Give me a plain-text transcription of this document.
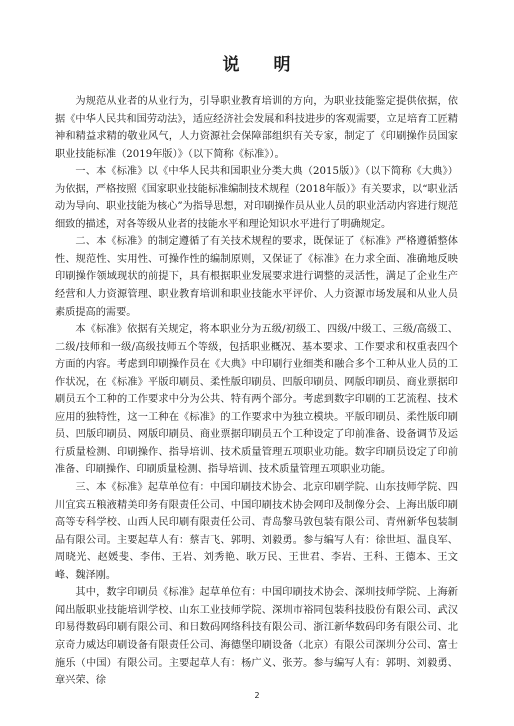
说 明

为规范从业者的从业行为，引导职业教育培训的方向，为职业技能鉴定提供依据，依据《中华人民共和国劳动法》，适应经济社会发展和科技进步的客观需要，立足培育工匠精神和精益求精的敬业风气，人力资源社会保障部组织有关专家，制定了《印刷操作员国家职业技能标准（2019年版）》（以下简称《标准》）。

一、本《标准》以《中华人民共和国职业分类大典（2015版）》（以下简称《大典》）为依据，严格按照《国家职业技能标准编制技术规程（2018年版）》有关要求，以“职业活动为导向、职业技能为核心”为指导思想，对印刷操作员从业人员的职业活动内容进行规范细致的描述，对各等级从业者的技能水平和理论知识水平进行了明确规定。

二、本《标准》的制定遵循了有关技术规程的要求，既保证了《标准》严格遵循整体性、规范性、实用性、可操作性的编制原则，又保证了《标准》在力求全面、准确地反映印刷操作领域现状的前提下，具有根据职业发展要求进行调整的灵活性，满足了企业生产经营和人力资源管理、职业教育培训和职业技能水平评价、人力资源市场发展和从业人员素质提高的需要。

本《标准》依据有关规定，将本职业分为五级/初级工、四级/中级工、三级/高级工、二级/技师和一级/高级技师五个等级，包括职业概况、基本要求、工作要求和权重表四个方面的内容。考虑到印刷操作员在《大典》中印刷行业细类和融合多个工种从业人员的工作状况，在《标准》平版印刷员、柔性版印刷员、凹版印刷员、网版印刷员、商业票据印刷员五个工种的工作要求中分为公共、特有两个部分。考虑到数字印刷的工艺流程、技术应用的独特性，这一工种在《标准》的工作要求中为独立模块。平版印刷员、柔性版印刷员、凹版印刷员、网版印刷员、商业票据印刷员五个工种设定了印前准备、设备调节及运行质量检测、印刷操作、指导培训、技术质量管理五项职业功能。数字印刷员设定了印前准备、印刷操作、印刷质量检测、指导培训、技术质量管理五项职业功能。

三、本《标准》起草单位有：中国印刷技术协会、北京印刷学院、山东技师学院、四川宜宾五粮液精美印务有限责任公司、中国印刷技术协会网印及制像分会、上海出版印刷高等专科学校、山西人民印刷有限责任公司、青岛黎马敦包装有限公司、青州新华包装制品有限公司。主要起草人有：蔡吉飞、郭明、刘毅勇。参与编写人有：徐世垣、温良军、周晓光、赵媛斐、李伟、王岩、刘秀艳、耿万民、王世君、李岩、王科、王德本、王文峰、魏泽刚。

其中，数字印刷员《标准》起草单位有：中国印刷技术协会、深圳技师学院、上海新闻出版职业技能培训学校、山东工业技师学院、深圳市裕同包装科技股份有限公司、武汉印易得数码印刷有限公司、和日数码网络科技有限公司、浙江新华数码印务有限公司、北京奇力威达印刷设备有限责任公司、海德堡印刷设备（北京）有限公司深圳分公司、富士施乐（中国）有限公司。主要起草人有：杨广义、张芳。参与编写人有：郭明、刘毅勇、章兴荣、徐

2
